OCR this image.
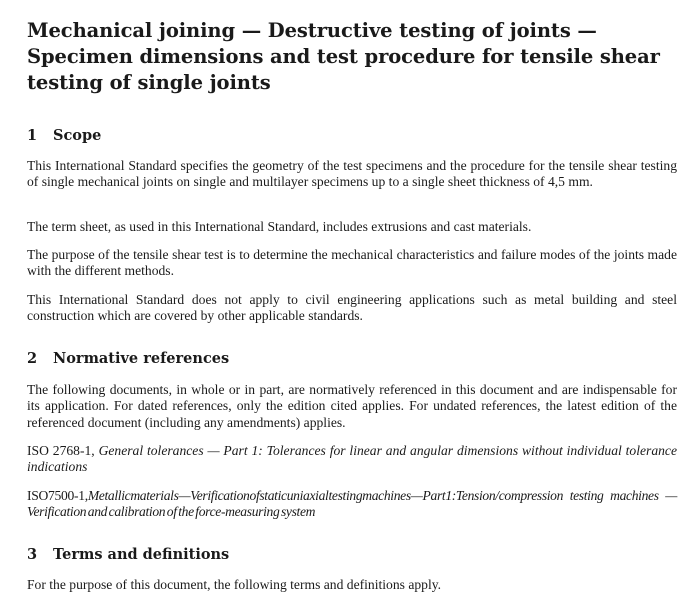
Mechanical joining — Destructive testing of joints —
Specimen dimensions and test procedure for tensile shear
testing of single joints
1	Scope

This International Standard specifies the geometry of the test specimens and the procedure for the tensile shear testing of single mechanical joints on single and multilayer specimens up to a single sheet thickness of 4,5 mm.

The term sheet, as used in this International Standard, includes extrusions and cast materials.

The purpose of the tensile shear test is to determine the mechanical characteristics and failure modes of the joints made with the different methods.

This International Standard does not apply to civil engineering applications such as metal building and steel construction which are covered by other applicable standards.

2	Normative references

The following documents, in whole or in part, are normatively referenced in this document and are indispensable for its application. For dated references, only the edition cited applies. For undated references, the latest edition of the referenced document (including any amendments) applies.

ISO 2768-1, General tolerances — Part 1: Tolerances for linear and angular dimensions without individual tolerance indications

ISO7500-1,Metallicmaterials—Verificationofstaticuniaxialtestingmachines—Part1:Tension/compression testing machines — Verification and calibration of the force-measuring system

3	Terms and definitions

For the purpose of this document, the following terms and definitions apply.
